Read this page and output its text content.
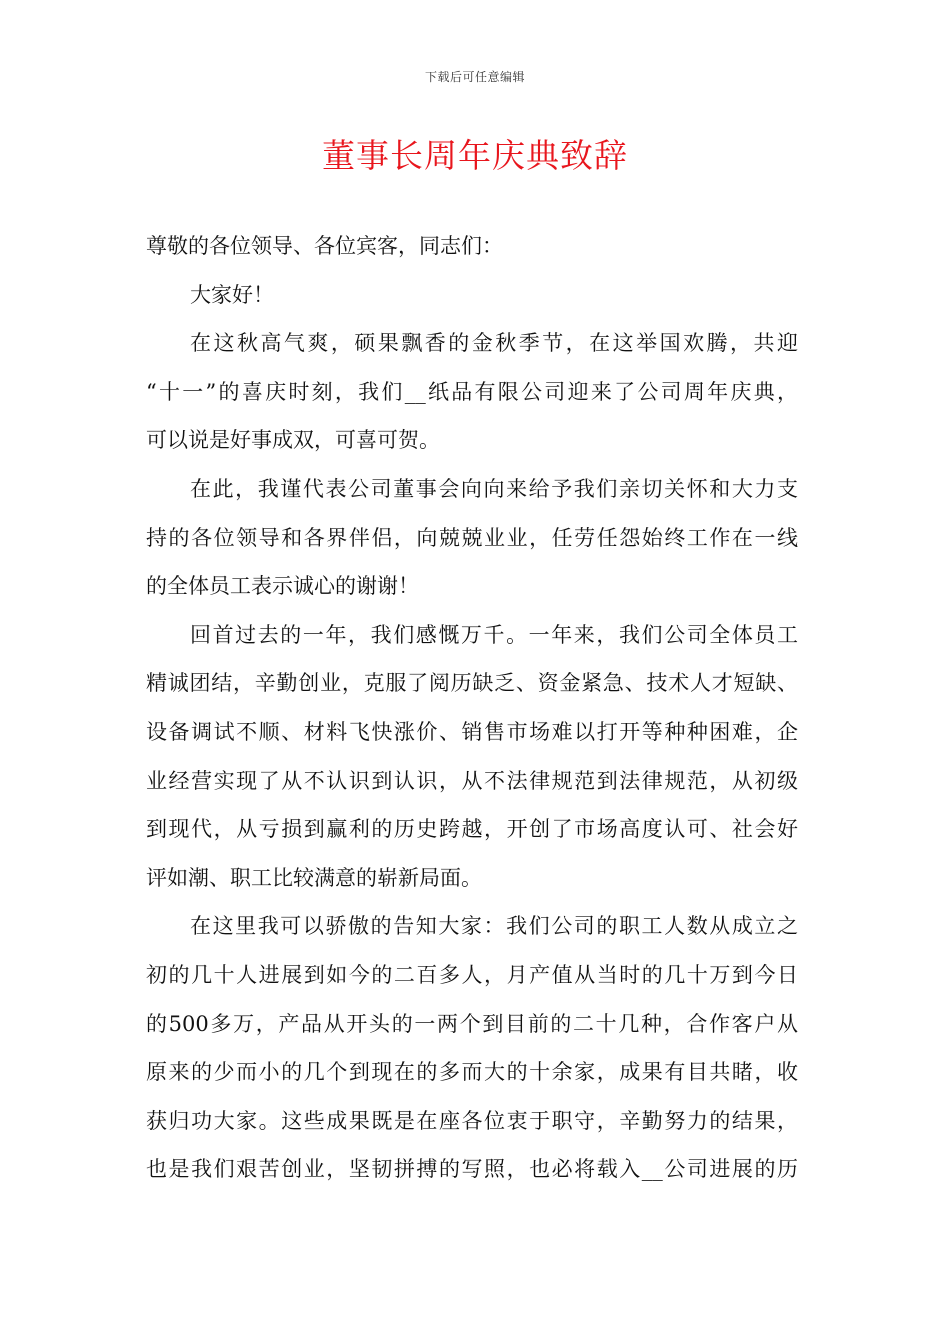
下载后可任意编辑
董事长周年庆典致辞
尊敬的各位领导、各位宾客，同志们：
大家好！
在这秋高气爽，硕果飘香的金秋季节，在这举国欢腾，共迎
“十一”的喜庆时刻，我们__纸品有限公司迎来了公司周年庆典，
可以说是好事成双，可喜可贺。
在此，我谨代表公司董事会向向来给予我们亲切关怀和大力支
持的各位领导和各界伴侣，向兢兢业业，任劳任怨始终工作在一线
的全体员工表示诚心的谢谢！
回首过去的一年，我们感慨万千。一年来，我们公司全体员工
精诚团结，辛勤创业，克服了阅历缺乏、资金紧急、技术人才短缺、
设备调试不顺、材料飞快涨价、销售市场难以打开等种种困难，企
业经营实现了从不认识到认识，从不法律规范到法律规范，从初级
到现代，从亏损到赢利的历史跨越，开创了市场高度认可、社会好
评如潮、职工比较满意的崭新局面。
在这里我可以骄傲的告知大家：我们公司的职工人数从成立之
初的几十人进展到如今的二百多人，月产值从当时的几十万到今日
的500多万，产品从开头的一两个到目前的二十几种，合作客户从
原来的少而小的几个到现在的多而大的十余家，成果有目共睹，收
获归功大家。这些成果既是在座各位衷于职守，辛勤努力的结果，
也是我们艰苦创业，坚韧拼搏的写照，也必将载入__公司进展的历
